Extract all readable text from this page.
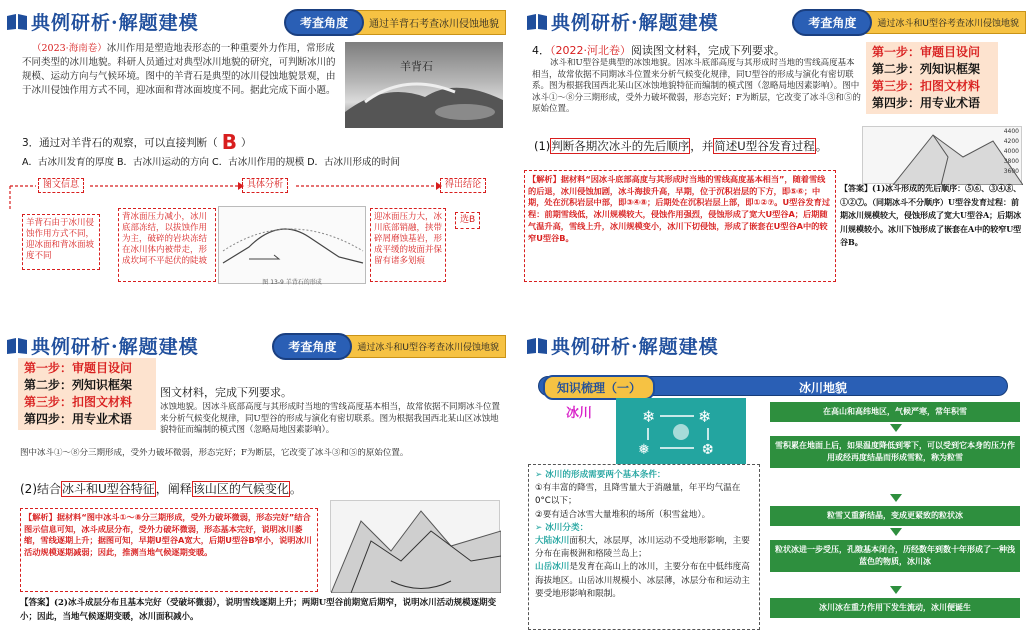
典例研析·解题建模	考查角度	通过羊背石考查冰川侵蚀地貌
（2023·海南卷）冰川作用是塑造地表形态的一种重要外力作用，常形成不同类型的冰川地貌。科研人员通过对典型冰川地貌的研究，可判断冰川的规模、运动方向与气候环境。图中的羊背石是典型的冰川侵蚀地貌景观，由于冰川侵蚀作用方式不同，迎冰面和背冰面坡度不同。据此完成下面小题。
羊背石
3．通过对羊背石的观察，可以直接判断（ B ）
A．古冰川发育的厚度 B．古冰川运动的方向 C．古冰川作用的规模 D．古冰川形成的时间
图文信息	具体分析	得出结论
羊背石由于冰川侵蚀作用方式不同，迎冰面和背冰面坡度不同
背冰面压力减小，冰川底部冻结，以拔蚀作用为主，破碎的岩块冻结在冰川体内被带走，形成坎坷不平起伏的陡坡
图 13-9 羊背石的形成
迎冰面压力大，冰川底部销融，挟带碎屑磨蚀基岩，形成平缓的坡面并保留有诸多划痕
选B
典例研析·解题建模	考查角度	通过冰斗和U型谷考查冰川侵蚀地貌
4．（2022·河北卷）阅读图文材料，完成下列要求。
冰斗和U型谷是典型的冰蚀地貌。因冰斗底部高度与其形成时当地的雪线高度基本相当，故常依据不同期冰斗位置来分析气候变化规律，同U型谷的形成与演化有密切联系。图为根据我国西北某山区冰蚀地貌特征而编制的模式图（忽略局地因素影响）。图中冰斗①～⑧分三期形成，受外力破坏微弱，形态完好；F为断层，它改变了冰斗③和⑤的原始位置。
第一步：审题目设问
第二步：列知识框架
第三步：扣图文材料
第四步：用专业术语
(1)判断各期次冰斗的先后顺序，并简述U型谷发育过程。
4400
4200
4000
3800
3600
【解析】据材料“因冰斗底部高度与其形成时当地的雪线高度基本相当”，随着雪线的后退，冰川侵蚀加剧，冰斗海拔升高，早期，位于沉积岩层的下方，即⑤⑥；中期，处在沉积岩层中部，即③④⑧；后期处在沉积岩层上部，即①②⑦。U型谷发育过程：前期雪线低，冰川规模较大，侵蚀作用强烈，侵蚀形成了宽大U型谷A；后期随气温升高，雪线上升，冰川规模变小，冰川下切侵蚀，形成了嵌套在U型谷A中的较窄U型谷B。
【答案】(1)冰斗形成的先后顺序：⑤⑥、③④⑧、①②⑦。（同期冰斗不分顺序）U型谷发育过程：前期冰川规模较大，侵蚀形成了宽大U型谷A；后期冰川规模较小。冰川下蚀形成了嵌套在A中的较窄U型谷B。
典例研析·解题建模	考查角度	通过冰斗和U型谷考查冰川侵蚀地貌
第一步：审题目设问
第二步：列知识框架
第三步：扣图文材料
第四步：用专业术语
图文材料，完成下列要求。
冰蚀地貌。因冰斗底部高度与其形成时当地的雪线高度基本相当，故常依据不同期冰斗位置来分析气候变化规律，同U型谷的形成与演化有密切联系。图为根据我国西北某山区冰蚀地貌特征而编制的模式图（忽略局地因素影响）。
图中冰斗①～⑧分三期形成，受外力破坏微弱，形态完好；F为断层，它改变了冰斗③和⑤的原始位置。
(2)结合冰斗和U型谷特征，阐释该山区的气候变化。
【解析】据材料“图中冰斗①～⑧分三期形成，受外力破坏微弱，形态完好”结合图示信息可知，冰斗成层分布，受外力破坏微弱，形态基本完好，说明冰川萎缩，雪线逐期上升；据图可知，早期U型谷A宽大，后期U型谷B窄小，说明冰川活动规模逐期减弱；因此，推测当地气候逐期变暖。
【答案】(2)冰斗成层分布且基本完好（受破坏微弱），说明雪线逐期上升；两期U型谷前期宽后期窄，说明冰川活动规模逐期变小；因此，当地气候逐期变暖，冰川面积减小。
典例研析·解题建模
知识梳理（一）	冰川地貌
冰川	❄	❄
❅	❆
➢ 冰川的形成需要两个基本条件：
①有丰富的降雪，且降雪量大于消融量，年平均气温在0°C以下；
②要有适合冰雪大量堆积的场所（积雪盆地）。
➢ 冰川分类：
大陆冰川面积大，冰层厚，冰川运动不受地形影响，主要分布在南极洲和格陵兰岛上；
山岳冰川是发育在高山上的冰川，主要分布在中低纬度高海拔地区。山岳冰川规模小、冰层薄，冰层分布和运动主要受地形影响和限制。
在高山和高纬地区，气候严寒，常年积雪
雪积累在地面上后，如果温度降低到零下，可以受到它本身的压力作用或经再度结晶而形成雪粒，称为粒雪
粒雪又重新结晶，变成更紧致的粒状冰
粒状冰进一步受压，孔隙基本闭合，历经数年到数十年形成了一种浅蓝色的物质，冰川冰
冰川冰在重力作用下发生流动，冰川便诞生
